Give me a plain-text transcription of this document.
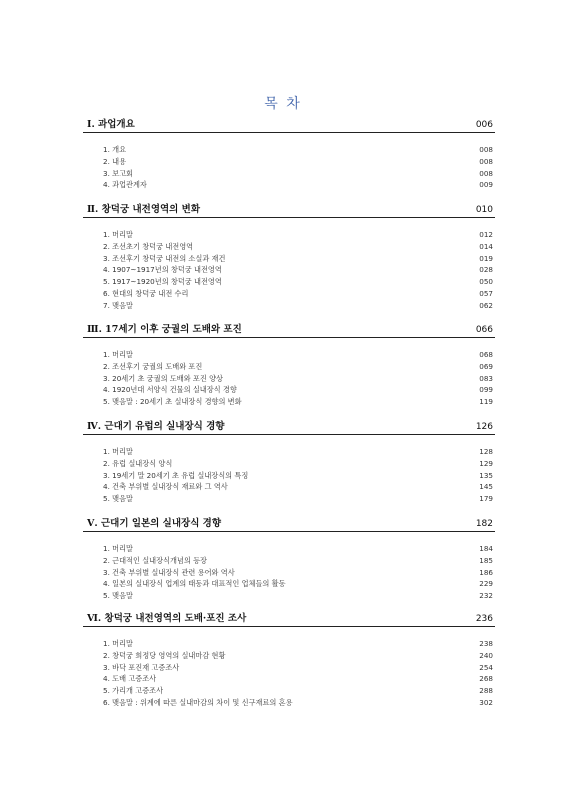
목 차
Ⅰ. 과업개요	006
1. 개요	008
2. 내용	008
3. 보고회	008
4. 과업관계자	009
Ⅱ. 창덕궁 내전영역의 변화	010
1. 머리말	012
2. 조선초기 창덕궁 내전영역	014
3. 조선후기 창덕궁 내전의 소실과 재건	019
4. 1907~1917년의 창덕궁 내전영역	028
5. 1917~1920년의 창덕궁 내전영역	050
6. 현대의 창덕궁 내전 수리	057
7. 맺음말	062
Ⅲ. 17세기 이후 궁궐의 도배와 포진	066
1. 머리말	068
2. 조선후기 궁궐의 도배와 포진	069
3. 20세기 초 궁궐의 도배와 포진 양상	083
4. 1920년대 서양식 건물의 실내장식 경향	099
5. 맺음말 : 20세기 초 실내장식 경향의 변화	119
Ⅳ. 근대기 유럽의 실내장식 경향	126
1. 머리말	128
2. 유럽 실내장식 양식	129
3. 19세기 말 20세기 초 유럽 실내장식의 특징	135
4. 건축 부위별 실내장식 재료와 그 역사	145
5. 맺음말	179
Ⅴ. 근대기 일본의 실내장식 경향	182
1. 머리말	184
2. 근대적인 실내장식개념의 등장	185
3. 건축 부위별 실내장식 관련 용어와 역사	186
4. 일본의 실내장식 업계의 태동과 대표적인 업체들의 활동	229
5. 맺음말	232
Ⅵ. 창덕궁 내전영역의 도배·포진 조사	236
1. 머리말	238
2. 창덕궁 희정당 영역의 실내마감 현황	240
3. 바닥 포진재 고증조사	254
4. 도배 고증조사	268
5. 가리개 고증조사	288
6. 맺음말 : 위계에 따른 실내마감의 차이 및 신구재료의 혼용	302
